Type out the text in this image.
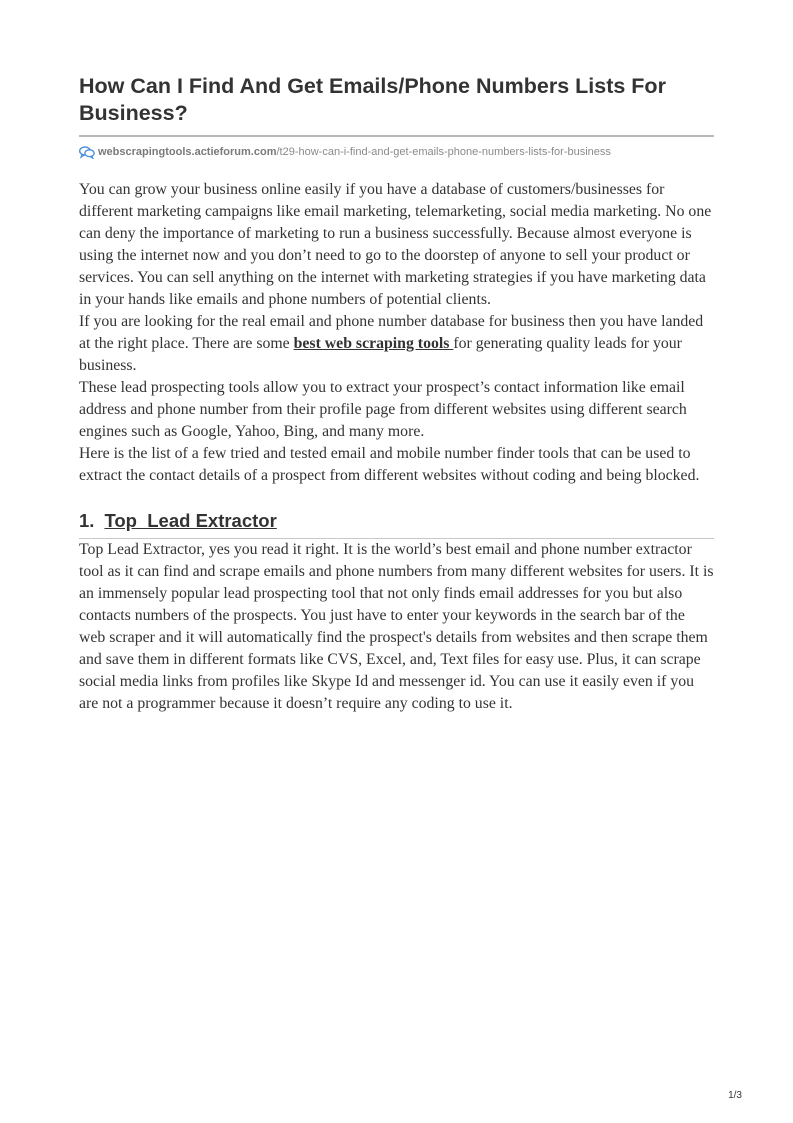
How Can I Find And Get Emails/Phone Numbers Lists For Business?
webscrapingtools.actieforum.com /t29-how-can-i-find-and-get-emails-phone-numbers-lists-for-business

You can grow your business online easily if you have a database of customers/businesses for different marketing campaigns like email marketing, telemarketing, social media marketing. No one can deny the importance of marketing to run a business successfully. Because almost everyone is using the internet now and you don’t need to go to the doorstep of anyone to sell your product or services. You can sell anything on the internet with marketing strategies if you have marketing data in your hands like emails and phone numbers of potential clients.

If you are looking for the real email and phone number database for business then you have landed at the right place. There are some best web scraping tools for generating quality leads for your business.

These lead prospecting tools allow you to extract your prospect’s contact information like email address and phone number from their profile page from different websites using different search engines such as Google, Yahoo, Bing, and many more.

Here is the list of a few tried and tested email and mobile number finder tools that can be used to extract the contact details of a prospect from different websites without coding and being blocked.

1. Top  Lead Extractor

Top Lead Extractor, yes you read it right. It is the world’s best email and phone number extractor tool as it can find and scrape emails and phone numbers from many different websites for users. It is an immensely popular lead prospecting tool that not only finds email addresses for you but also contacts numbers of the prospects. You just have to enter your keywords in the search bar of the web scraper and it will automatically find the prospect's details from websites and then scrape them and save them in different formats like CVS, Excel, and, Text files for easy use. Plus, it can scrape social media links from profiles like Skype Id and messenger id. You can use it easily even if you are not a programmer because it doesn’t require any coding to use it.

1/3
